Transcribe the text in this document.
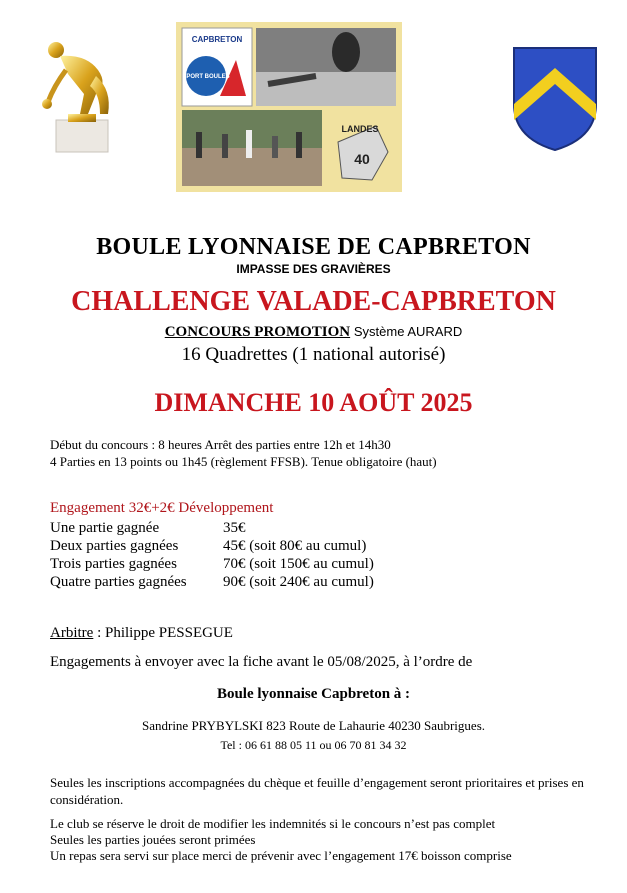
CAPBRETON
SPORT BOULES
LANDES
40
BOULE LYONNAISE DE CAPBRETON
IMPASSE DES GRAVIÈRES
CHALLENGE VALADE-CAPBRETON
CONCOURS PROMOTION Système AURARD
16 Quadrettes (1 national autorisé)
DIMANCHE 10 AOÛT 2025
Début du concours : 8 heures Arrêt des parties entre 12h et 14h30
4 Parties en 13 points ou 1h45 (règlement FFSB). Tenue obligatoire (haut)
Engagement 32€+2€ Développement
Une partie gagnée	35€
Deux parties gagnées	45€ (soit 80€ au cumul)
Trois parties gagnées	70€ (soit 150€ au cumul)
Quatre parties gagnées 90€ (soit 240€ au cumul)
Arbitre : Philippe PESSEGUE
Engagements à envoyer avec la fiche avant le 05/08/2025, à l’ordre de
Boule lyonnaise Capbreton à :
Sandrine PRYBYLSKI 823 Route de Lahaurie 40230 Saubrigues.
Tel : 06 61 88 05 11 ou 06 70 81 34 32
Seules les inscriptions accompagnées du chèque et feuille d’engagement seront prioritaires et prises en considération.
Le club se réserve le droit de modifier les indemnités si le concours n’est pas complet
Seules les parties jouées seront primées
Un repas sera servi sur place merci de prévenir avec l’engagement 17€ boisson comprise
